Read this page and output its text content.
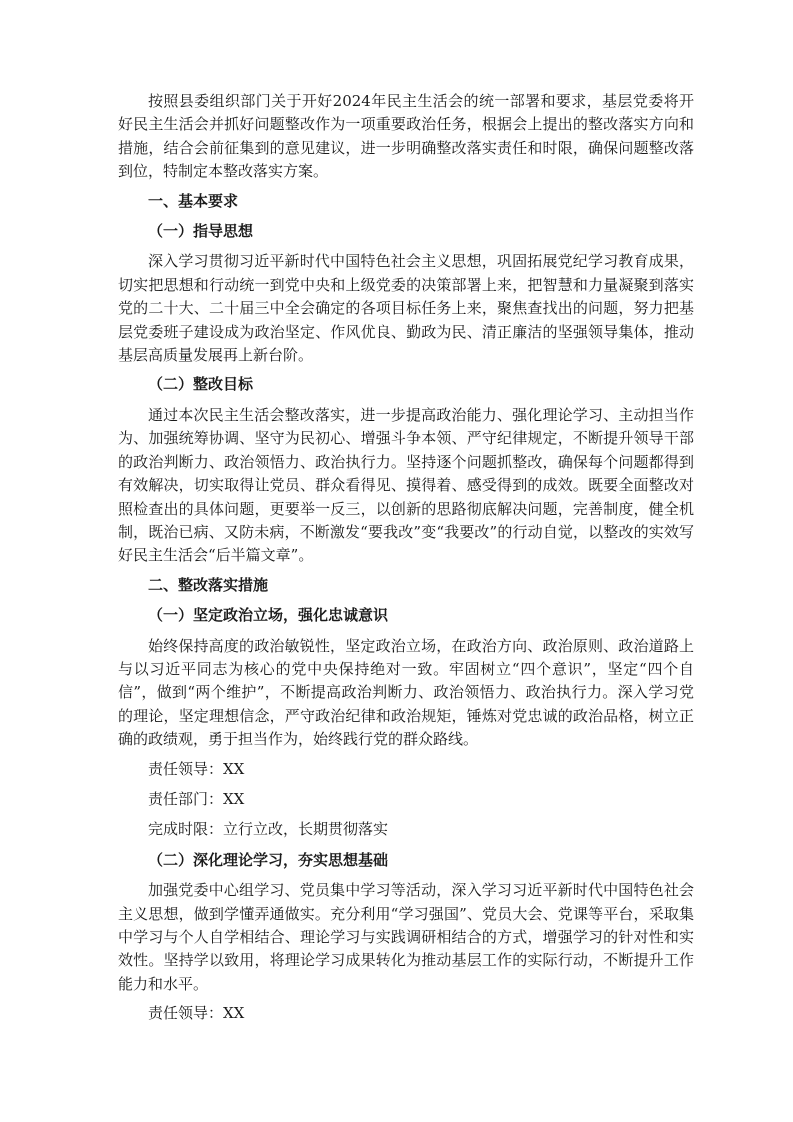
按照县委组织部门关于开好2024年民主生活会的统一部署和要求，基层党委将开好民主生活会并抓好问题整改作为一项重要政治任务，根据会上提出的整改落实方向和措施，结合会前征集到的意见建议，进一步明确整改落实责任和时限，确保问题整改落到位，特制定本整改落实方案。

一、基本要求

（一）指导思想

深入学习贯彻习近平新时代中国特色社会主义思想，巩固拓展党纪学习教育成果，切实把思想和行动统一到党中央和上级党委的决策部署上来，把智慧和力量凝聚到落实党的二十大、二十届三中全会确定的各项目标任务上来，聚焦查找出的问题，努力把基层党委班子建设成为政治坚定、作风优良、勤政为民、清正廉洁的坚强领导集体，推动基层高质量发展再上新台阶。

（二）整改目标

通过本次民主生活会整改落实，进一步提高政治能力、强化理论学习、主动担当作为、加强统筹协调、坚守为民初心、增强斗争本领、严守纪律规定，不断提升领导干部的政治判断力、政治领悟力、政治执行力。坚持逐个问题抓整改，确保每个问题都得到有效解决，切实取得让党员、群众看得见、摸得着、感受得到的成效。既要全面整改对照检查出的具体问题，更要举一反三，以创新的思路彻底解决问题，完善制度，健全机制，既治已病、又防未病，不断激发“要我改”变“我要改”的行动自觉，以整改的实效写好民主生活会“后半篇文章”。

二、整改落实措施

（一）坚定政治立场，强化忠诚意识

始终保持高度的政治敏锐性，坚定政治立场，在政治方向、政治原则、政治道路上与以习近平同志为核心的党中央保持绝对一致。牢固树立“四个意识”，坚定“四个自信”，做到“两个维护”，不断提高政治判断力、政治领悟力、政治执行力。深入学习党的理论，坚定理想信念，严守政治纪律和政治规矩，锤炼对党忠诚的政治品格，树立正确的政绩观，勇于担当作为，始终践行党的群众路线。

责任领导：XX

责任部门：XX

完成时限：立行立改，长期贯彻落实

（二）深化理论学习，夯实思想基础

加强党委中心组学习、党员集中学习等活动，深入学习习近平新时代中国特色社会主义思想，做到学懂弄通做实。充分利用“学习强国”、党员大会、党课等平台，采取集中学习与个人自学相结合、理论学习与实践调研相结合的方式，增强学习的针对性和实效性。坚持学以致用，将理论学习成果转化为推动基层工作的实际行动，不断提升工作能力和水平。

责任领导：XX
